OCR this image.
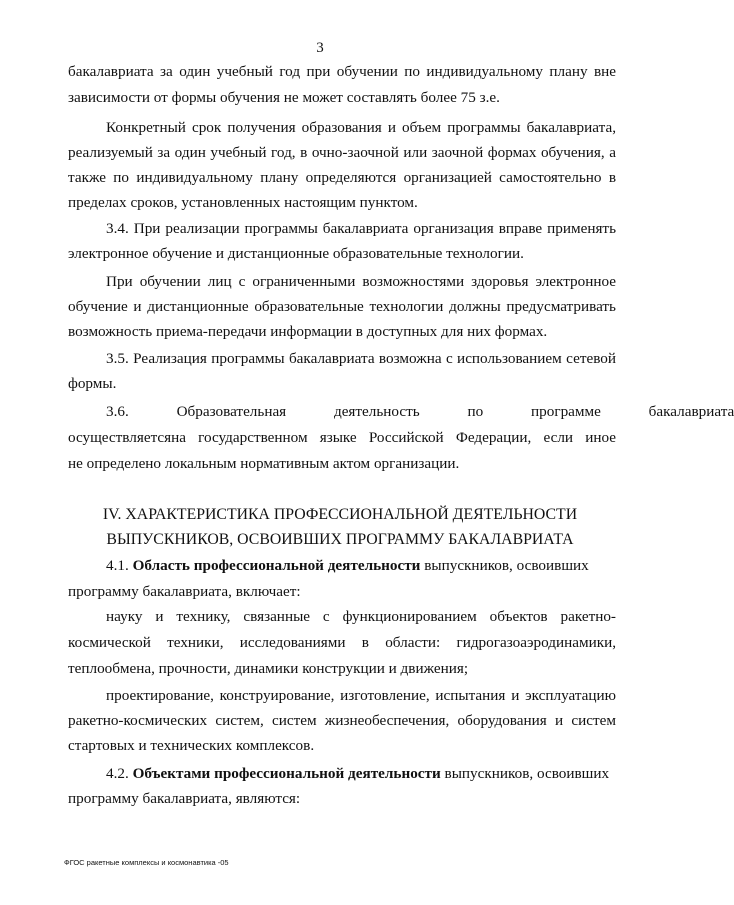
3
бакалавриата за один учебный год при обучении по индивидуальному плану вне
зависимости от формы обучения не может составлять более 75 з.е.
Конкретный срок получения образования и объем программы бакалавриата,
реализуемый за один учебный год, в очно-заочной или заочной формах обучения, а
также по индивидуальному плану определяются организацией самостоятельно в
пределах сроков, установленных настоящим пунктом.
3.4. При реализации программы бакалавриата организация вправе применять
электронное обучение и дистанционные образовательные технологии.
При обучении лиц с ограниченными возможностями здоровья электронное
обучение и дистанционные образовательные технологии должны предусматривать
возможность приема-передачи информации в доступных для них формах.
3.5. Реализация программы бакалавриата возможна с использованием сетевой
формы.
3.6. Образовательная деятельность по программе бакалавриата
осуществляетсяна государственном языке Российской Федерации, если иное
не определено локальным нормативным актом организации.
IV. ХАРАКТЕРИСТИКА ПРОФЕССИОНАЛЬНОЙ ДЕЯТЕЛЬНОСТИ
ВЫПУСКНИКОВ, ОСВОИВШИХ ПРОГРАММУ БАКАЛАВРИАТА
4.1. Область профессиональной деятельности выпускников, освоивших
программу бакалавриата, включает:
науку и технику, связанные с функционированием объектов ракетно-
космической техники, исследованиями в области: гидрогазоаэродинамики,
теплообмена, прочности, динамики конструкции и движения;
проектирование, конструирование, изготовление, испытания и эксплуатацию
ракетно-космических систем, систем жизнеобеспечения, оборудования и систем
стартовых и технических комплексов.
4.2. Объектами профессиональной деятельности выпускников, освоивших
программу бакалавриата, являются:
ФГОС ракетные комплексы и космонавтика -05
